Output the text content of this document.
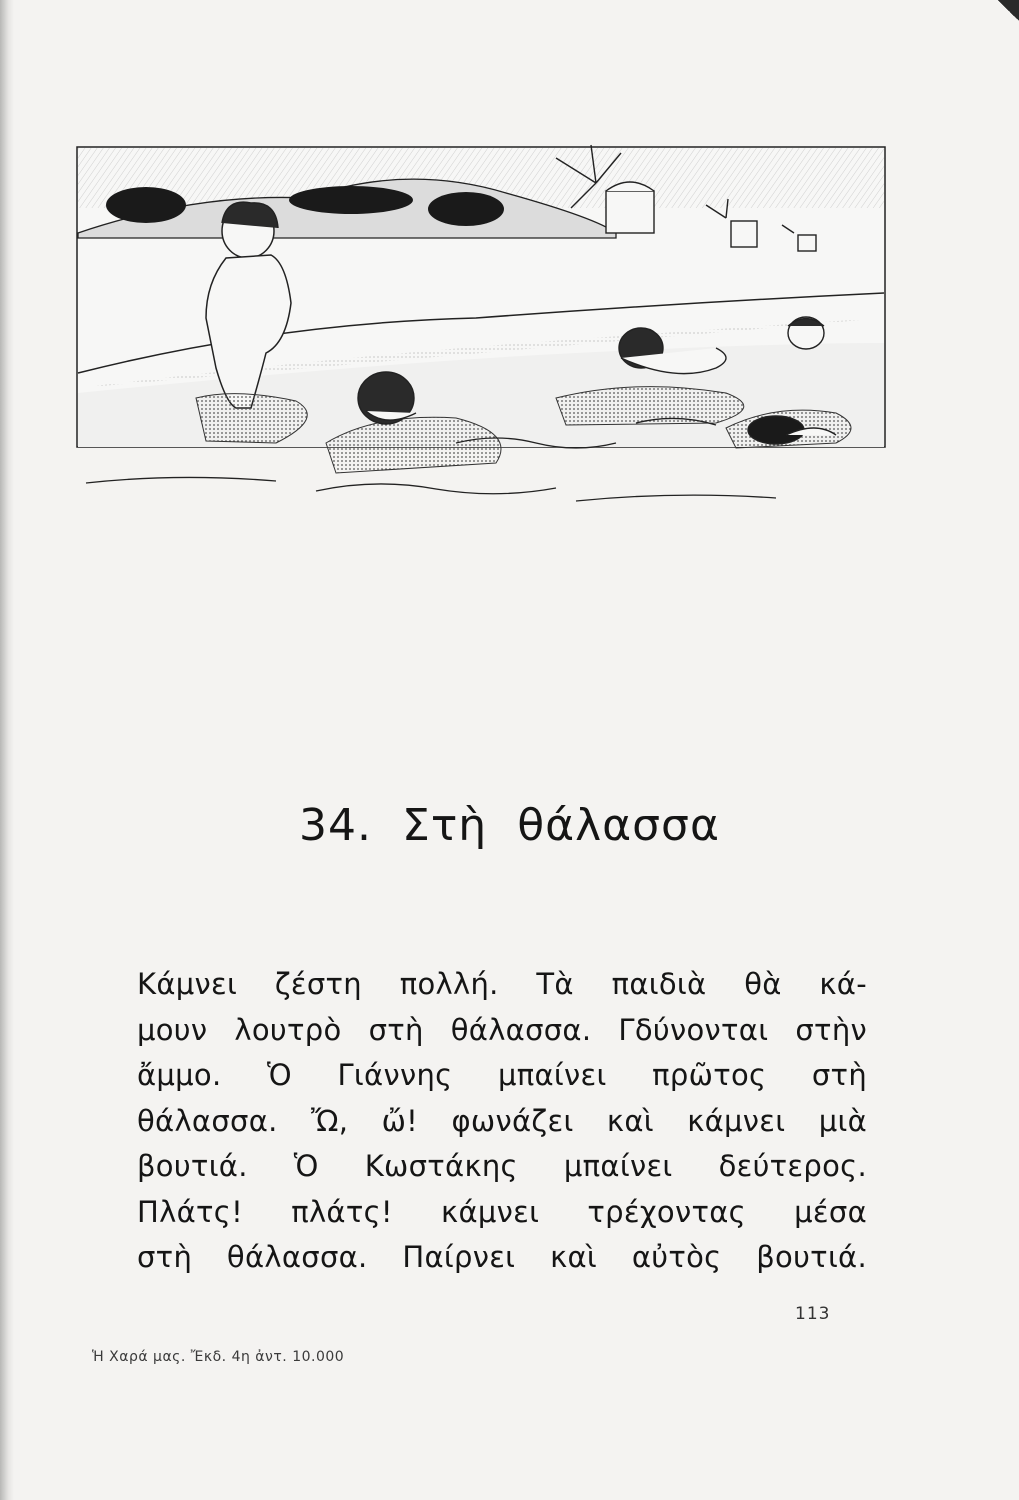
34. Στὴ θάλασσα
Κάμνει ζέστη πολλή. Τὰ παιδιὰ θὰ κά-
μουν λουτρὸ στὴ θάλασσα. Γδύνονται στὴν
ἄμμο. Ὁ Γιάννης μπαίνει πρῶτος στὴ
θάλασσα. Ὤ, ὤ! φωνάζει καὶ κάμνει μιὰ
βουτιά. Ὁ Κωστάκης μπαίνει δεύτερος.
Πλάτς! πλάτς! κάμνει τρέχοντας μέσα
στὴ θάλασσα. Παίρνει καὶ αὐτὸς βουτιά.
113
Ἡ Χαρά μας. Ἔκδ. 4η ἀντ. 10.000
